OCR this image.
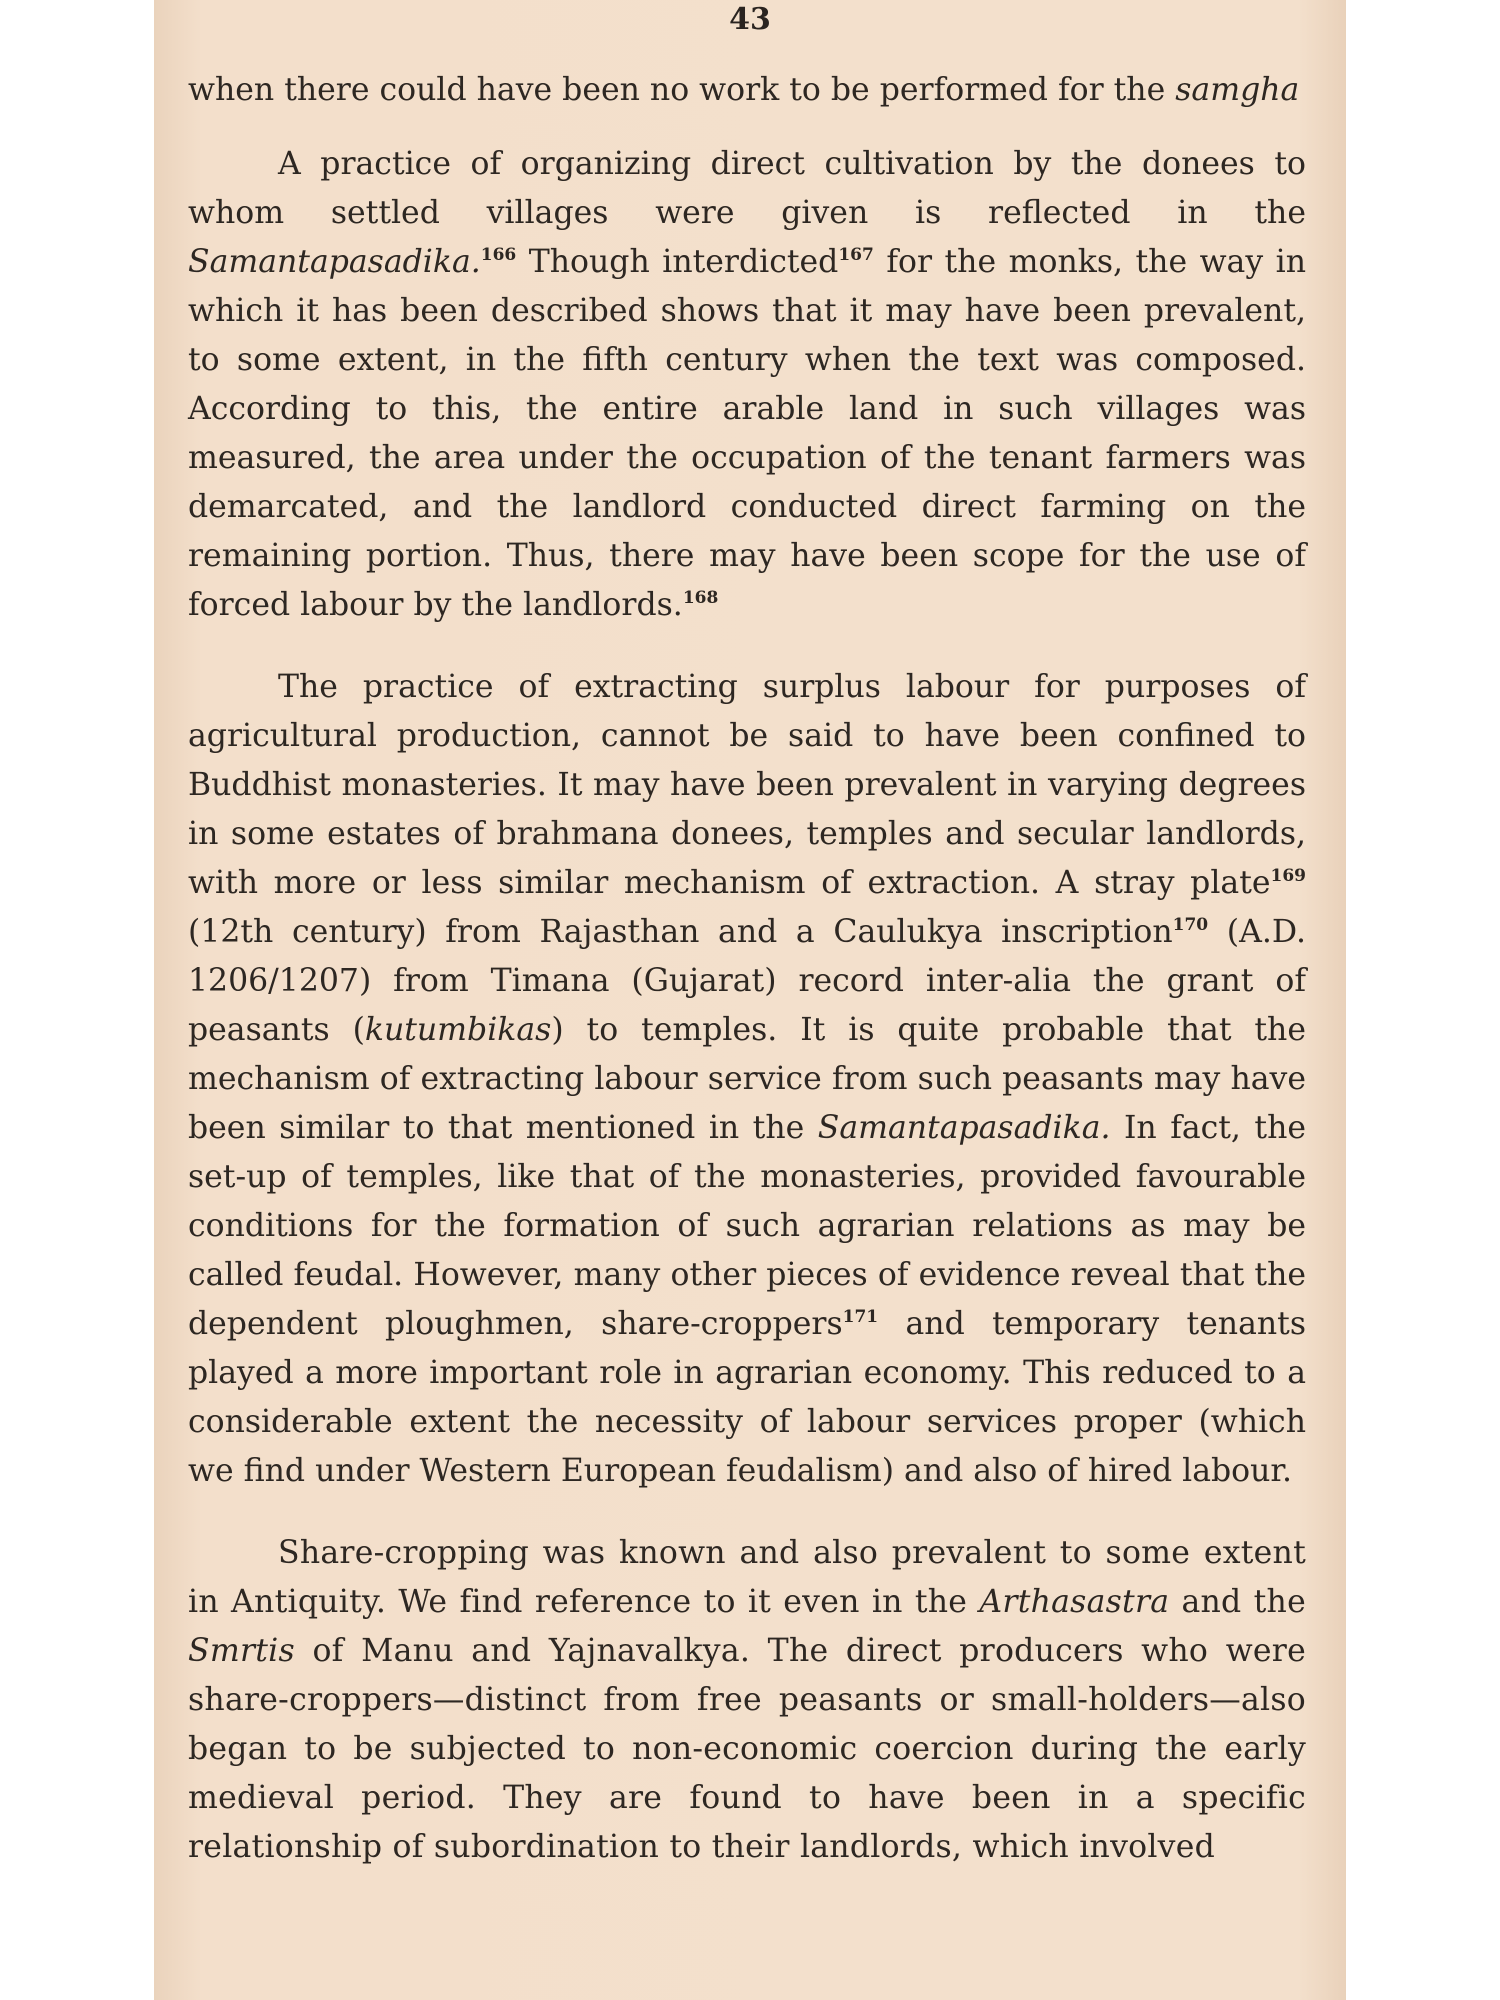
43

when there could have been no work to be performed for the samgha

A practice of organizing direct cultivation by the donees to whom settled villages were given is reflected in the Samantapasadika.$^{166}$ Though interdicted$^{167}$ for the monks, the way in which it has been described shows that it may have been prevalent, to some extent, in the fifth century when the text was composed. According to this, the entire arable land in such villages was measured, the area under the occupation of the tenant farmers was demarcated, and the landlord conducted direct farming on the remaining portion. Thus, there may have been scope for the use of forced labour by the landlords.$^{168}$

The practice of extracting surplus labour for purposes of agricultural production, cannot be said to have been confined to Buddhist monasteries. It may have been prevalent in varying degrees in some estates of brahmana donees, temples and secular landlords, with more or less similar mechanism of extraction. A stray plate$^{169}$ (12th century) from Rajasthan and a Caulukya inscription$^{170}$ (A.D. 1206/1207) from Timana (Gujarat) record inter-alia the grant of peasants (kutumbikas) to temples. It is quite probable that the mechanism of extracting labour service from such peasants may have been similar to that mentioned in the Samantapasadika. In fact, the set-up of temples, like that of the monasteries, provided favourable conditions for the formation of such agrarian relations as may be called feudal. However, many other pieces of evidence reveal that the dependent ploughmen, share-croppers$^{171}$ and temporary tenants played a more important role in agrarian economy. This reduced to a considerable extent the necessity of labour services proper (which we find under Western European feudalism) and also of hired labour.

Share-cropping was known and also prevalent to some extent in Antiquity. We find reference to it even in the Arthasastra and the Smrtis of Manu and Yajnavalkya. The direct producers who were share-croppers—distinct from free peasants or small-holders—also began to be subjected to non-economic coercion during the early medieval period. They are found to have been in a specific relationship of subordination to their landlords, which involved
